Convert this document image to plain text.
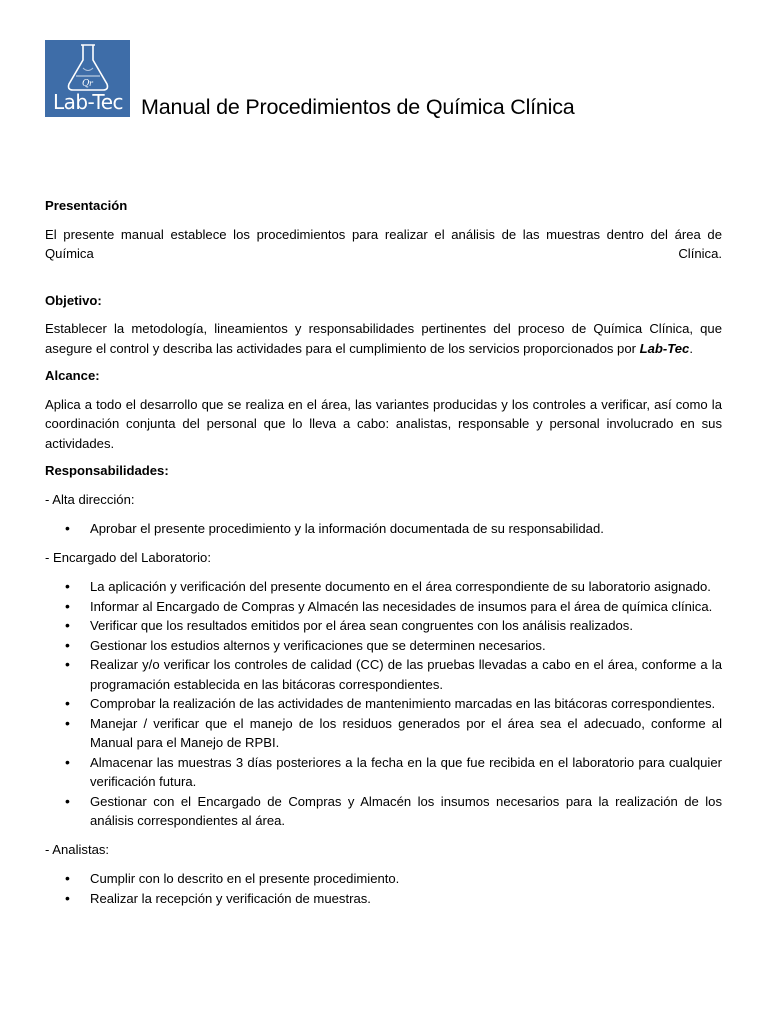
Q r
Lab-Tec Manual de Procedimientos de Química Clínica

Presentación

El presente manual establece los procedimientos para realizar el análisis de las muestras dentro del área de

Química	Clínica.

Objetivo:

Establecer la metodología, lineamientos y responsabilidades pertinentes del proceso de Química Clínica, que asegure el control y describa las actividades para el cumplimiento de los servicios proporcionados por Lab-Tec.

Alcance:

Aplica a todo el desarrollo que se realiza en el área, las variantes producidas y los controles a verificar, así como la coordinación conjunta del personal que lo lleva a cabo: analistas, responsable y personal involucrado en sus actividades.

Responsabilidades:

- Alta dirección:

• Aprobar el presente procedimiento y la información documentada de su responsabilidad.

- Encargado del Laboratorio:

• La aplicación y verificación del presente documento en el área correspondiente de su laboratorio asignado.
• Informar al Encargado de Compras y Almacén las necesidades de insumos para el área de química clínica.
• Verificar que los resultados emitidos por el área sean congruentes con los análisis realizados.
• Gestionar los estudios alternos y verificaciones que se determinen necesarios.
• Realizar y/o verificar los controles de calidad (CC) de las pruebas llevadas a cabo en el área, conforme a la programación establecida en las bitácoras correspondientes.
• Comprobar la realización de las actividades de mantenimiento marcadas en las bitácoras correspondientes.
• Manejar / verificar que el manejo de los residuos generados por el área sea el adecuado, conforme al Manual para el Manejo de RPBI.
• Almacenar las muestras 3 días posteriores a la fecha en la que fue recibida en el laboratorio para cualquier verificación futura.
• Gestionar con el Encargado de Compras y Almacén los insumos necesarios para la realización de los análisis correspondientes al área.

- Analistas:

• Cumplir con lo descrito en el presente procedimiento.
• Realizar la recepción y verificación de muestras.
